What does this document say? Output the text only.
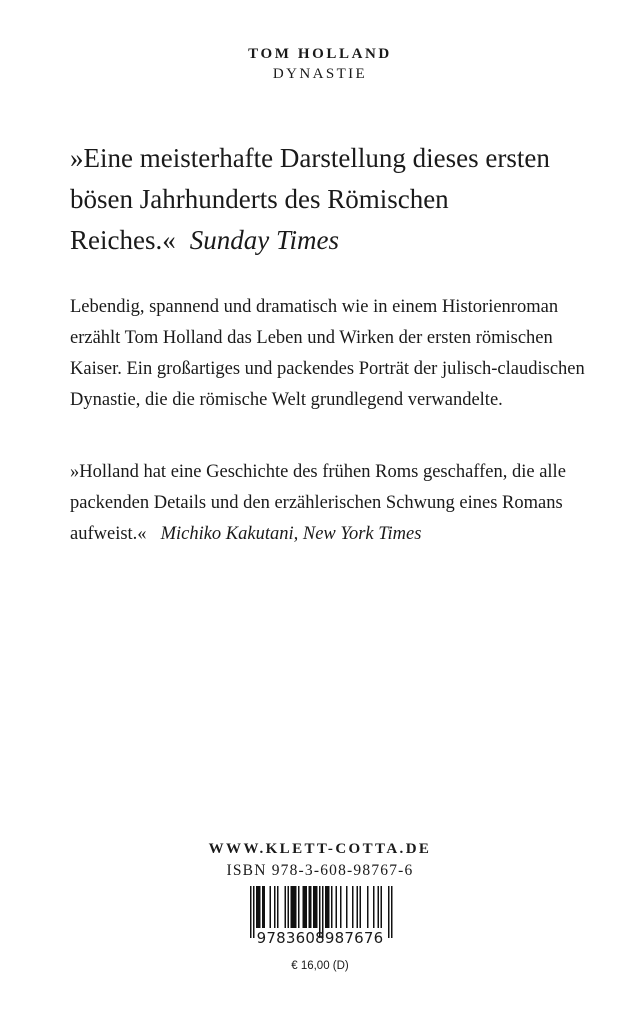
TOM HOLLAND
DYNASTIE
»Eine meisterhafte Darstellung dieses ersten bösen Jahrhunderts des Römischen Reiches.« Sunday Times
Lebendig, spannend und dramatisch wie in einem Historienroman erzählt Tom Holland das Leben und Wirken der ersten römischen Kaiser. Ein großartiges und packendes Porträt der julisch-claudischen Dynastie, die die römische Welt grundlegend verwandelte.
»Holland hat eine Geschichte des frühen Roms geschaffen, die alle packenden Details und den erzählerischen Schwung eines Romans aufweist.« Michiko Kakutani, New York Times
WWW.KLETT-COTTA.DE
ISBN 978-3-608-98767-6
9783608987676
€ 16,00 (D)
